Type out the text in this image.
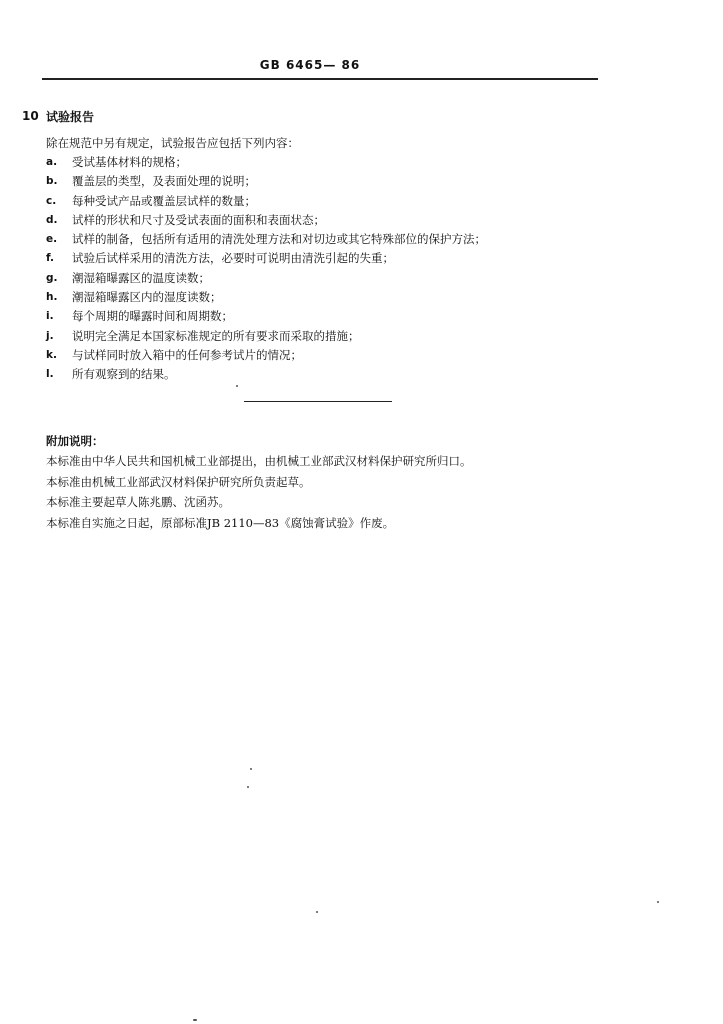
GB 6465— 86
10 试验报告
除在规范中另有规定，试验报告应包括下列内容：
a.	受试基体材料的规格；
b.	覆盖层的类型，及表面处理的说明；
c.	每种受试产品或覆盖层试样的数量；
d.	试样的形状和尺寸及受试表面的面积和表面状态；
e.	试样的制备，包括所有适用的清洗处理方法和对切边或其它特殊部位的保护方法；
f.	试验后试样采用的清洗方法，必要时可说明由清洗引起的失重；
g.	潮湿箱曝露区的温度读数；
h.	潮湿箱曝露区内的湿度读数；
i.	每个周期的曝露时间和周期数；
j.	说明完全满足本国家标准规定的所有要求而采取的措施；
k.	与试样同时放入箱中的任何参考试片的情况；
l.	所有观察到的结果。
附加说明：
本标准由中华人民共和国机械工业部提出，由机械工业部武汉材料保护研究所归口。
本标准由机械工业部武汉材料保护研究所负责起草。
本标准主要起草人陈兆鹏、沈函苏。
本标准自实施之日起，原部标准JB 2110—83《腐蚀膏试验》作废。
